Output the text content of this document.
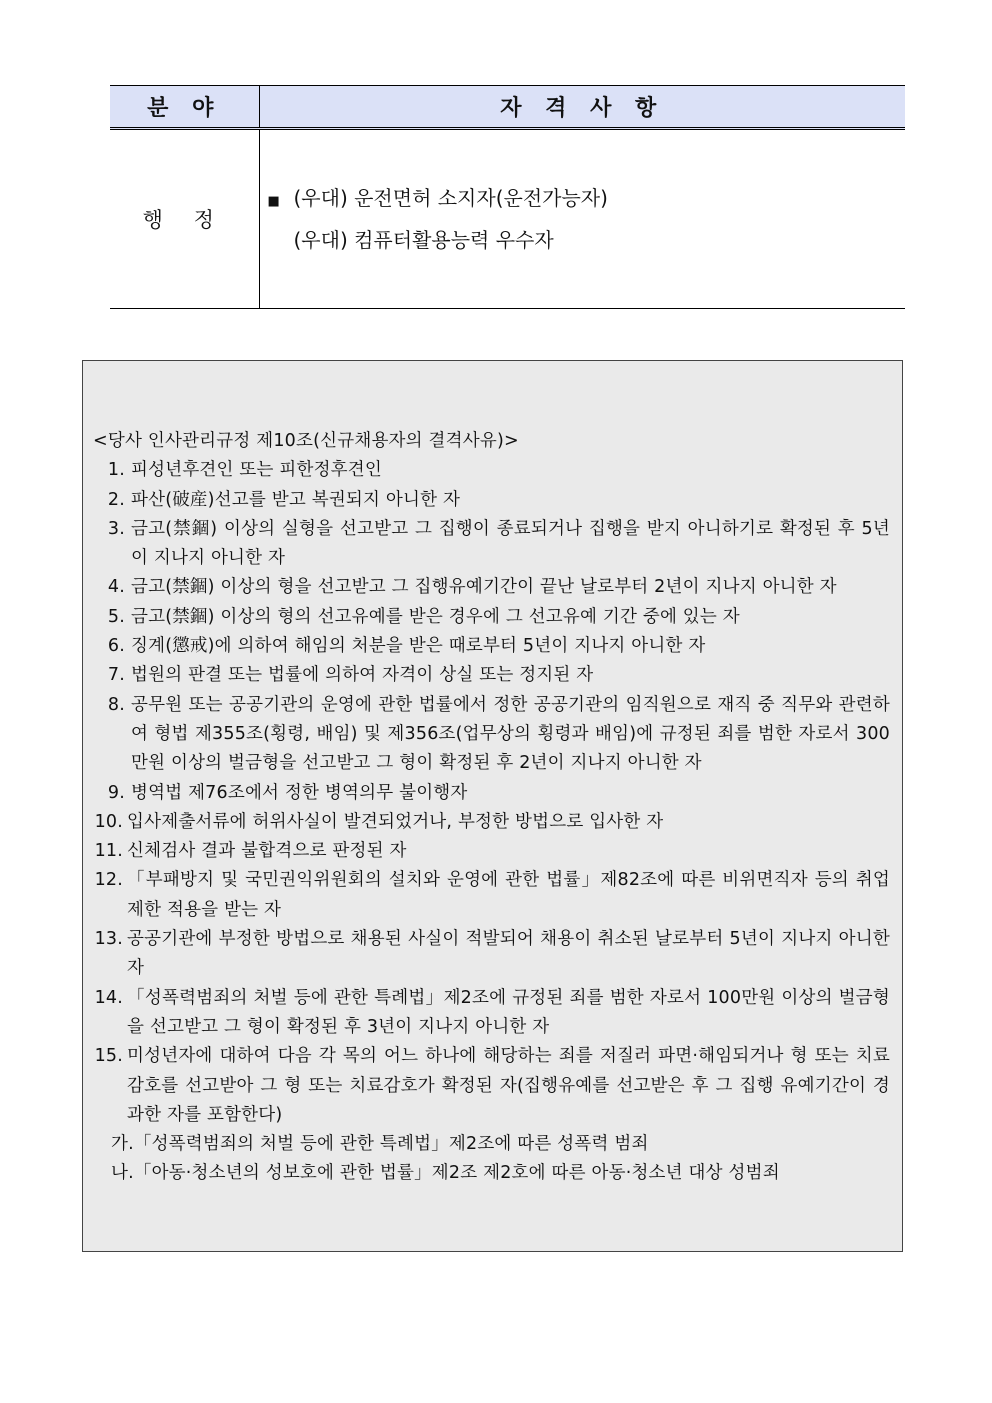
분 야	자 격 사 항
행 정	■ (우대) 운전면허 소지자(운전가능자)
(우대) 컴퓨터활용능력 우수자
<당사 인사관리규정 제10조(신규채용자의 결격사유)>
1. 피성년후견인 또는 피한정후견인
2. 파산(破産)선고를 받고 복권되지 아니한 자
3. 금고(禁錮) 이상의 실형을 선고받고 그 집행이 종료되거나 집행을 받지 아니하기로 확정된 후 5년이 지나지 아니한 자
4. 금고(禁錮) 이상의 형을 선고받고 그 집행유예기간이 끝난 날로부터 2년이 지나지 아니한 자
5. 금고(禁錮) 이상의 형의 선고유예를 받은 경우에 그 선고유예 기간 중에 있는 자
6. 징계(懲戒)에 의하여 해임의 처분을 받은 때로부터 5년이 지나지 아니한 자
7. 법원의 판결 또는 법률에 의하여 자격이 상실 또는 정지된 자
8. 공무원 또는 공공기관의 운영에 관한 법률에서 정한 공공기관의 임직원으로 재직 중 직무와 관련하여 형법 제355조(횡령, 배임) 및 제356조(업무상의 횡령과 배임)에 규정된 죄를 범한 자로서 300만원 이상의 벌금형을 선고받고 그 형이 확정된 후 2년이 지나지 아니한 자
9. 병역법 제76조에서 정한 병역의무 불이행자
10. 입사제출서류에 허위사실이 발견되었거나, 부정한 방법으로 입사한 자
11. 신체검사 결과 불합격으로 판정된 자
12. 「부패방지 및 국민권익위원회의 설치와 운영에 관한 법률」제82조에 따른 비위면직자 등의 취업제한 적용을 받는 자
13. 공공기관에 부정한 방법으로 채용된 사실이 적발되어 채용이 취소된 날로부터 5년이 지나지 아니한 자
14. 「성폭력범죄의 처벌 등에 관한 특례법」제2조에 규정된 죄를 범한 자로서 100만원 이상의 벌금형을 선고받고 그 형이 확정된 후 3년이 지나지 아니한 자
15. 미성년자에 대하여 다음 각 목의 어느 하나에 해당하는 죄를 저질러 파면·해임되거나 형 또는 치료감호를 선고받아 그 형 또는 치료감호가 확정된 자(집행유예를 선고받은 후 그 집행 유예기간이 경과한 자를 포함한다)
가.「성폭력범죄의 처벌 등에 관한 특례법」제2조에 따른 성폭력 범죄
나.「아동·청소년의 성보호에 관한 법률」제2조 제2호에 따른 아동·청소년 대상 성범죄
